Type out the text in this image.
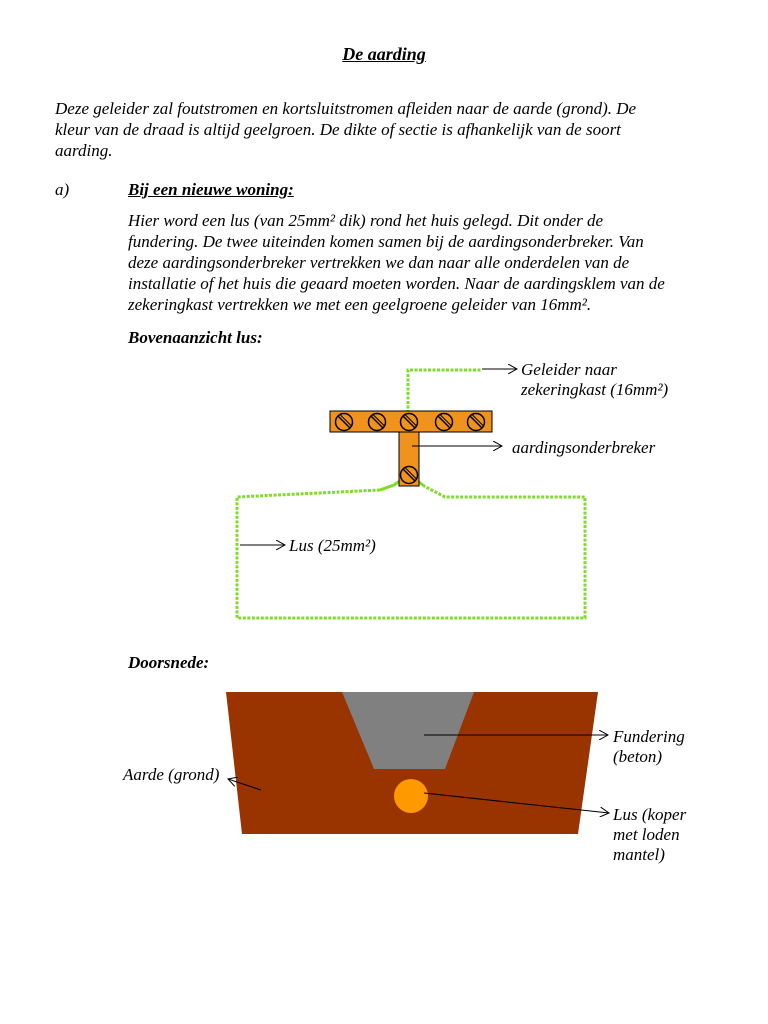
De aarding
Deze geleider zal foutstromen en kortsluitstromen afleiden naar de aarde (grond). De
kleur van de draad is altijd geelgroen. De dikte of sectie is afhankelijk van de soort
aarding.
a)	Bij een nieuwe woning:
Hier word een lus (van 25mm² dik) rond het huis gelegd. Dit onder de
fundering. De twee uiteinden komen samen bij de aardingsonderbreker. Van
deze aardingsonderbreker vertrekken we dan naar alle onderdelen van de
installatie of het huis die geaard moeten worden. Naar de aardingsklem van de
zekeringkast vertrekken we met een geelgroene geleider van 16mm².
Bovenaanzicht lus:
Geleider naar
zekeringkast (16mm²)
aardingsonderbreker
Lus (25mm²)
Doorsnede:
Fundering
(beton)
Aarde (grond)
Lus (koper
met loden
mantel)
